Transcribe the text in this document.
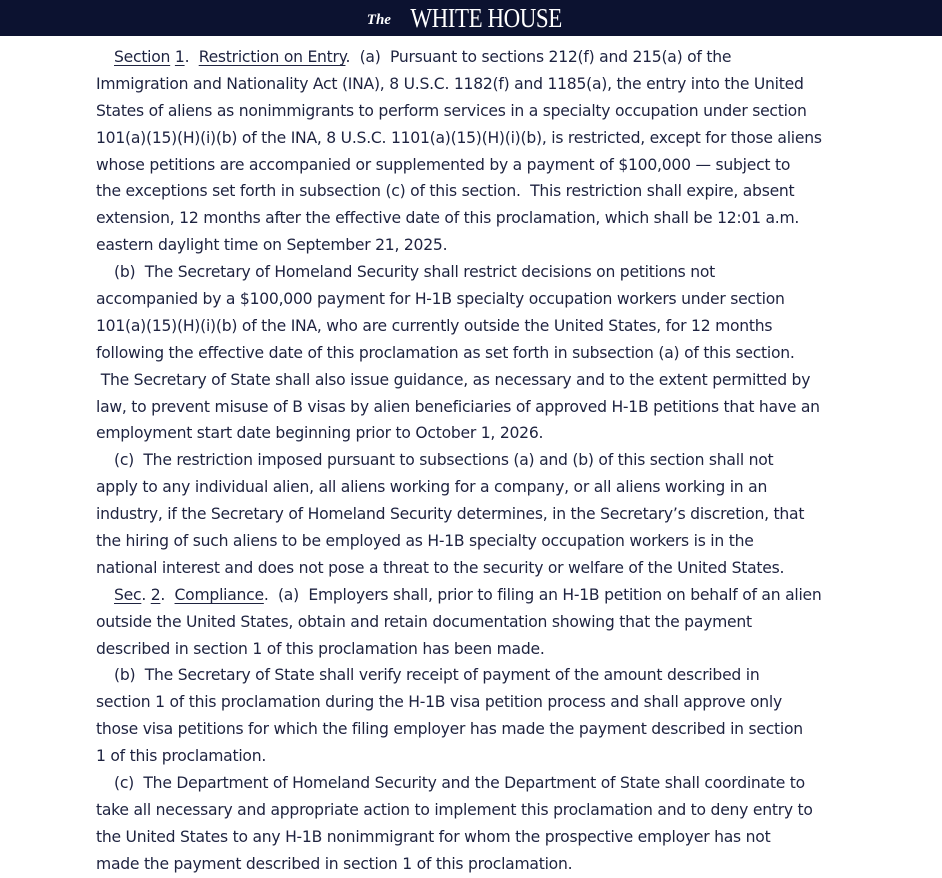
The WHITE HOUSE
Section 1.  Restriction on Entry.  (a)  Pursuant to sections 212(f) and 215(a) of the
Immigration and Nationality Act (INA), 8 U.S.C. 1182(f) and 1185(a), the entry into the United
States of aliens as nonimmigrants to perform services in a specialty occupation under section
101(a)(15)(H)(i)(b) of the INA, 8 U.S.C. 1101(a)(15)(H)(i)(b), is restricted, except for those aliens
whose petitions are accompanied or supplemented by a payment of $100,000 — subject to
the exceptions set forth in subsection (c) of this section.  This restriction shall expire, absent
extension, 12 months after the effective date of this proclamation, which shall be 12:01 a.m.
eastern daylight time on September 21, 2025.
(b)  The Secretary of Homeland Security shall restrict decisions on petitions not
accompanied by a $100,000 payment for H-1B specialty occupation workers under section
101(a)(15)(H)(i)(b) of the INA, who are currently outside the United States, for 12 months
following the effective date of this proclamation as set forth in subsection (a) of this section.
The Secretary of State shall also issue guidance, as necessary and to the extent permitted by
law, to prevent misuse of B visas by alien beneficiaries of approved H-1B petitions that have an
employment start date beginning prior to October 1, 2026.
(c)  The restriction imposed pursuant to subsections (a) and (b) of this section shall not
apply to any individual alien, all aliens working for a company, or all aliens working in an
industry, if the Secretary of Homeland Security determines, in the Secretary’s discretion, that
the hiring of such aliens to be employed as H-1B specialty occupation workers is in the
national interest and does not pose a threat to the security or welfare of the United States.
Sec. 2.  Compliance.  (a)  Employers shall, prior to filing an H-1B petition on behalf of an alien
outside the United States, obtain and retain documentation showing that the payment
described in section 1 of this proclamation has been made.
(b)  The Secretary of State shall verify receipt of payment of the amount described in
section 1 of this proclamation during the H-1B visa petition process and shall approve only
those visa petitions for which the filing employer has made the payment described in section
1 of this proclamation.
(c)  The Department of Homeland Security and the Department of State shall coordinate to
take all necessary and appropriate action to implement this proclamation and to deny entry to
the United States to any H-1B nonimmigrant for whom the prospective employer has not
made the payment described in section 1 of this proclamation.
